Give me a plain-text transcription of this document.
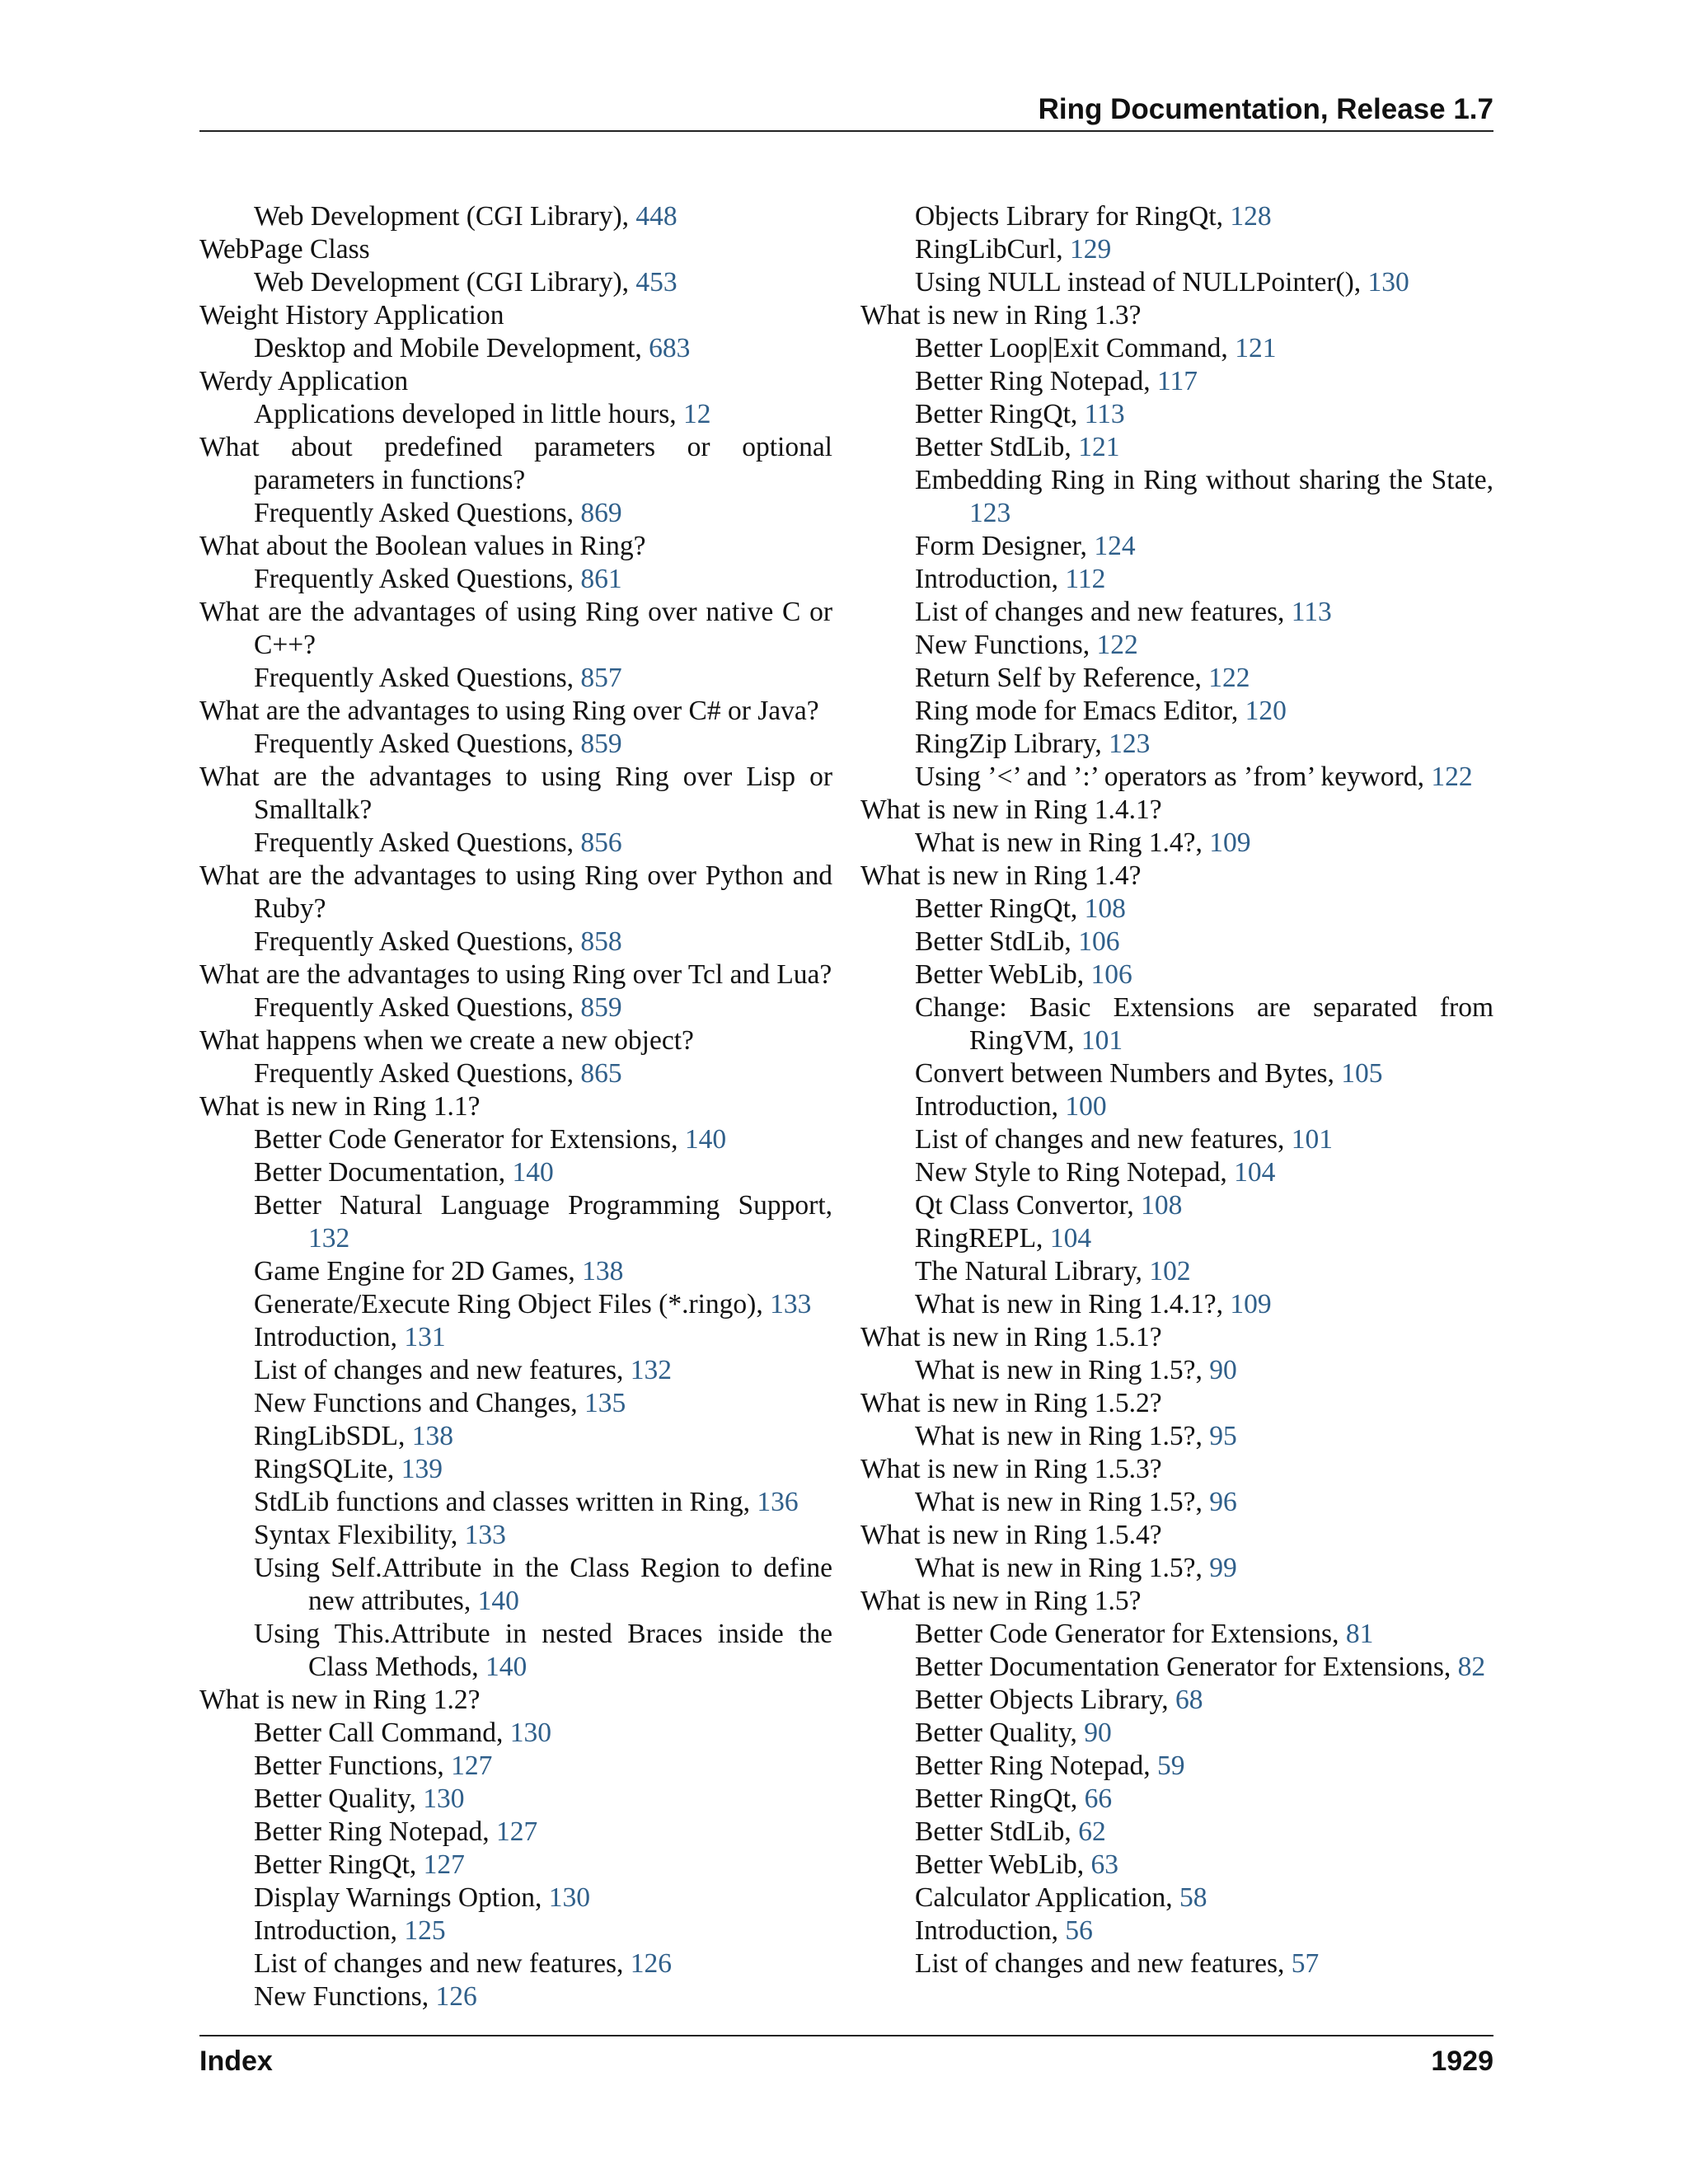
Ring Documentation, Release 1.7
Web Development (CGI Library), 448
WebPage Class
Web Development (CGI Library), 453
Weight History Application
Desktop and Mobile Development, 683
Werdy Application
Applications developed in little hours, 12
What about predefined parameters or optional parameters in functions?
Frequently Asked Questions, 869
What about the Boolean values in Ring?
Frequently Asked Questions, 861
What are the advantages of using Ring over native C or C++?
Frequently Asked Questions, 857
What are the advantages to using Ring over C# or Java?
Frequently Asked Questions, 859
What are the advantages to using Ring over Lisp or Smalltalk?
Frequently Asked Questions, 856
What are the advantages to using Ring over Python and Ruby?
Frequently Asked Questions, 858
What are the advantages to using Ring over Tcl and Lua?
Frequently Asked Questions, 859
What happens when we create a new object?
Frequently Asked Questions, 865
What is new in Ring 1.1?
Better Code Generator for Extensions, 140
Better Documentation, 140
Better Natural Language Programming Support, 132
Game Engine for 2D Games, 138
Generate/Execute Ring Object Files (*.ringo), 133
Introduction, 131
List of changes and new features, 132
New Functions and Changes, 135
RingLibSDL, 138
RingSQLite, 139
StdLib functions and classes written in Ring, 136
Syntax Flexibility, 133
Using Self.Attribute in the Class Region to define new attributes, 140
Using This.Attribute in nested Braces inside the Class Methods, 140
What is new in Ring 1.2?
Better Call Command, 130
Better Functions, 127
Better Quality, 130
Better Ring Notepad, 127
Better RingQt, 127
Display Warnings Option, 130
Introduction, 125
List of changes and new features, 126
New Functions, 126
Objects Library for RingQt, 128
RingLibCurl, 129
Using NULL instead of NULLPointer(), 130
What is new in Ring 1.3?
Better Loop|Exit Command, 121
Better Ring Notepad, 117
Better RingQt, 113
Better StdLib, 121
Embedding Ring in Ring without sharing the State, 123
Form Designer, 124
Introduction, 112
List of changes and new features, 113
New Functions, 122
Return Self by Reference, 122
Ring mode for Emacs Editor, 120
RingZip Library, 123
Using ’<’ and ’:’ operators as ’from’ keyword, 122
What is new in Ring 1.4.1?
What is new in Ring 1.4?, 109
What is new in Ring 1.4?
Better RingQt, 108
Better StdLib, 106
Better WebLib, 106
Change: Basic Extensions are separated from RingVM, 101
Convert between Numbers and Bytes, 105
Introduction, 100
List of changes and new features, 101
New Style to Ring Notepad, 104
Qt Class Convertor, 108
RingREPL, 104
The Natural Library, 102
What is new in Ring 1.4.1?, 109
What is new in Ring 1.5.1?
What is new in Ring 1.5?, 90
What is new in Ring 1.5.2?
What is new in Ring 1.5?, 95
What is new in Ring 1.5.3?
What is new in Ring 1.5?, 96
What is new in Ring 1.5.4?
What is new in Ring 1.5?, 99
What is new in Ring 1.5?
Better Code Generator for Extensions, 81
Better Documentation Generator for Extensions, 82
Better Objects Library, 68
Better Quality, 90
Better Ring Notepad, 59
Better RingQt, 66
Better StdLib, 62
Better WebLib, 63
Calculator Application, 58
Introduction, 56
List of changes and new features, 57
Index	1929
